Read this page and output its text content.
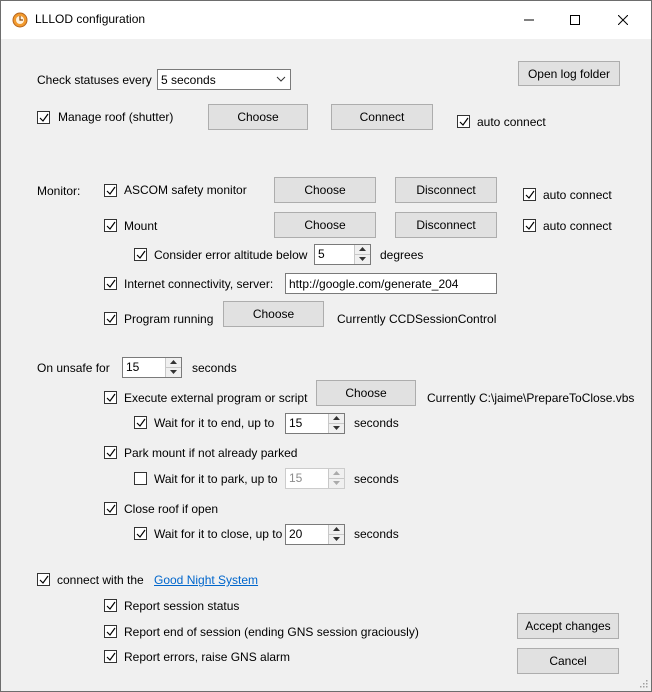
LLLOD configuration
Check statuses every 5 seconds	Open log folder
Manage roof (shutter)	Choose	Connect	auto connect
Monitor:	ASCOM safety monitor	Choose	Disconnect	auto connect
Mount	Choose	Disconnect	auto connect
Consider error altitude below 5	degrees
Internet connectivity, server: http://google.com/generate_204
Program running	Choose	Currently CCDSessionControl
On unsafe for 15	seconds
Execute external program or script	Choose	Currently C:\jaime\PrepareToClose.vbs
Wait for it to end, up to 15	seconds
Park mount if not already parked
Wait for it to park, up to 15	seconds
Close roof if open
Wait for it to close, up to 20	seconds
connect with the Good Night System
Report session status
Report end of session (ending GNS session graciously)
Report errors, raise GNS alarm
Accept changes
Cancel
